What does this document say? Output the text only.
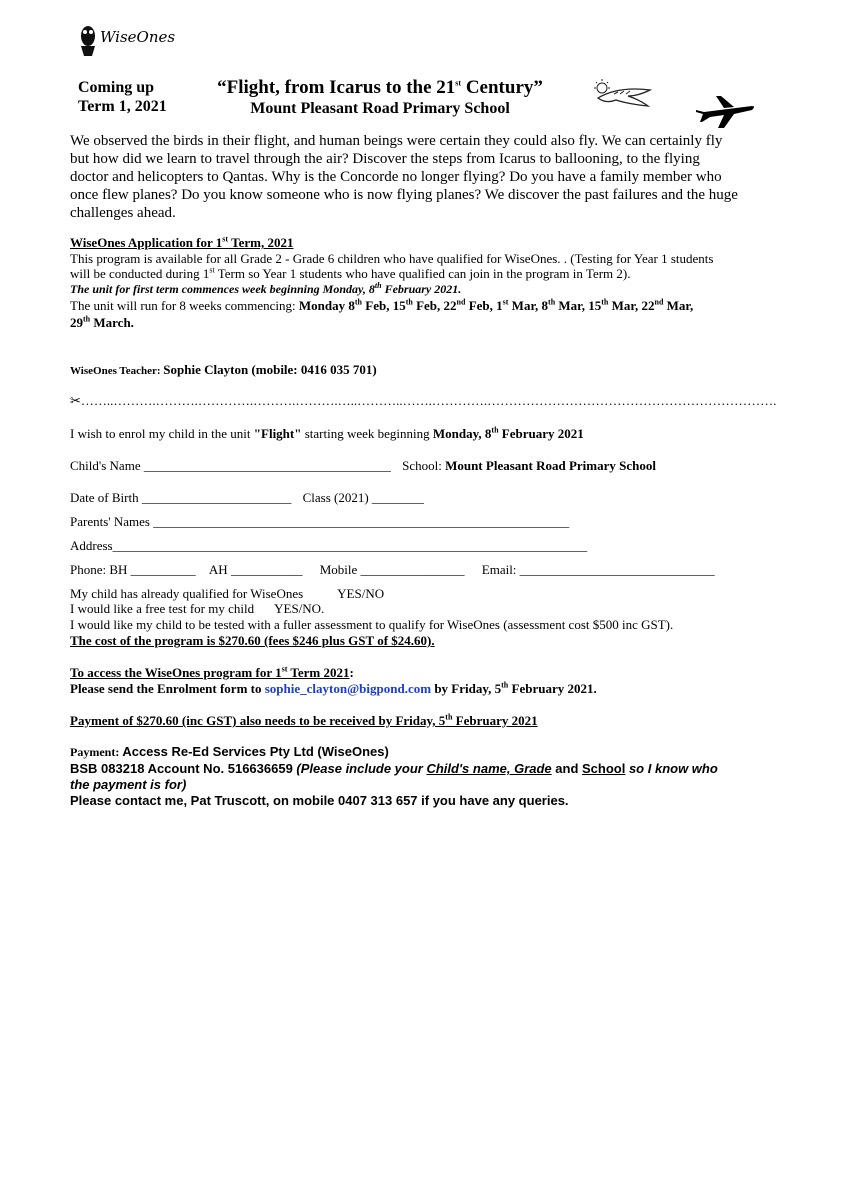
WiseOnes
Coming up
Term 1, 2021
“Flight, from Icarus to the 21st Century”
Mount Pleasant Road Primary School
We observed the birds in their flight, and human beings were certain they could also fly. We can certainly fly but how did we learn to travel through the air? Discover the steps from Icarus to ballooning, to the flying doctor and helicopters to Qantas. Why is the Concorde no longer flying? Do you have a family member who once flew planes? Do you know someone who is now flying planes? We discover the past failures and the huge challenges ahead.
WiseOnes Application for 1st Term, 2021
This program is available for all Grade 2 - Grade 6 children who have qualified for WiseOnes. . (Testing for Year 1 students
will be conducted during 1st Term so Year 1 students who have qualified can join in the program in Term 2).
The unit for first term commences week beginning Monday, 8th February 2021.
The unit will run for 8 weeks commencing: Monday 8th Feb, 15th Feb, 22nd Feb, 1st Mar, 8th Mar, 15th Mar, 22nd Mar,
29th March.
WiseOnes Teacher: Sophie Clayton (mobile: 0416 035 701)
✂……..……….……….………….……….……….…..………..…….………….………………………………………………………….
I wish to enrol my child in the unit "Flight" starting week beginning Monday, 8th February 2021
Child's Name ______________________________________ School: Mount Pleasant Road Primary School
Date of Birth _______________________ Class (2021) ________
Parents' Names ________________________________________________________________
Address_________________________________________________________________________
Phone: BH __________ AH ___________ Mobile ________________ Email: ______________________________
My child has already qualified for WiseOnes	YES/NO
I would like a free test for my child YES/NO.
I would like my child to be tested with a fuller assessment to qualify for WiseOnes (assessment cost $500 inc GST).
The cost of the program is $270.60 (fees $246 plus GST of $24.60).
To access the WiseOnes program for 1st Term 2021:
Please send the Enrolment form to sophie_clayton@bigpond.com by Friday, 5th February 2021.
Payment of $270.60 (inc GST) also needs to be received by Friday, 5th February 2021
Payment: Access Re-Ed Services Pty Ltd (WiseOnes)
BSB 083218 Account No. 516636659 (Please include your Child's name, Grade and School so I know who
the payment is for)
Please contact me, Pat Truscott, on mobile 0407 313 657 if you have any queries.
